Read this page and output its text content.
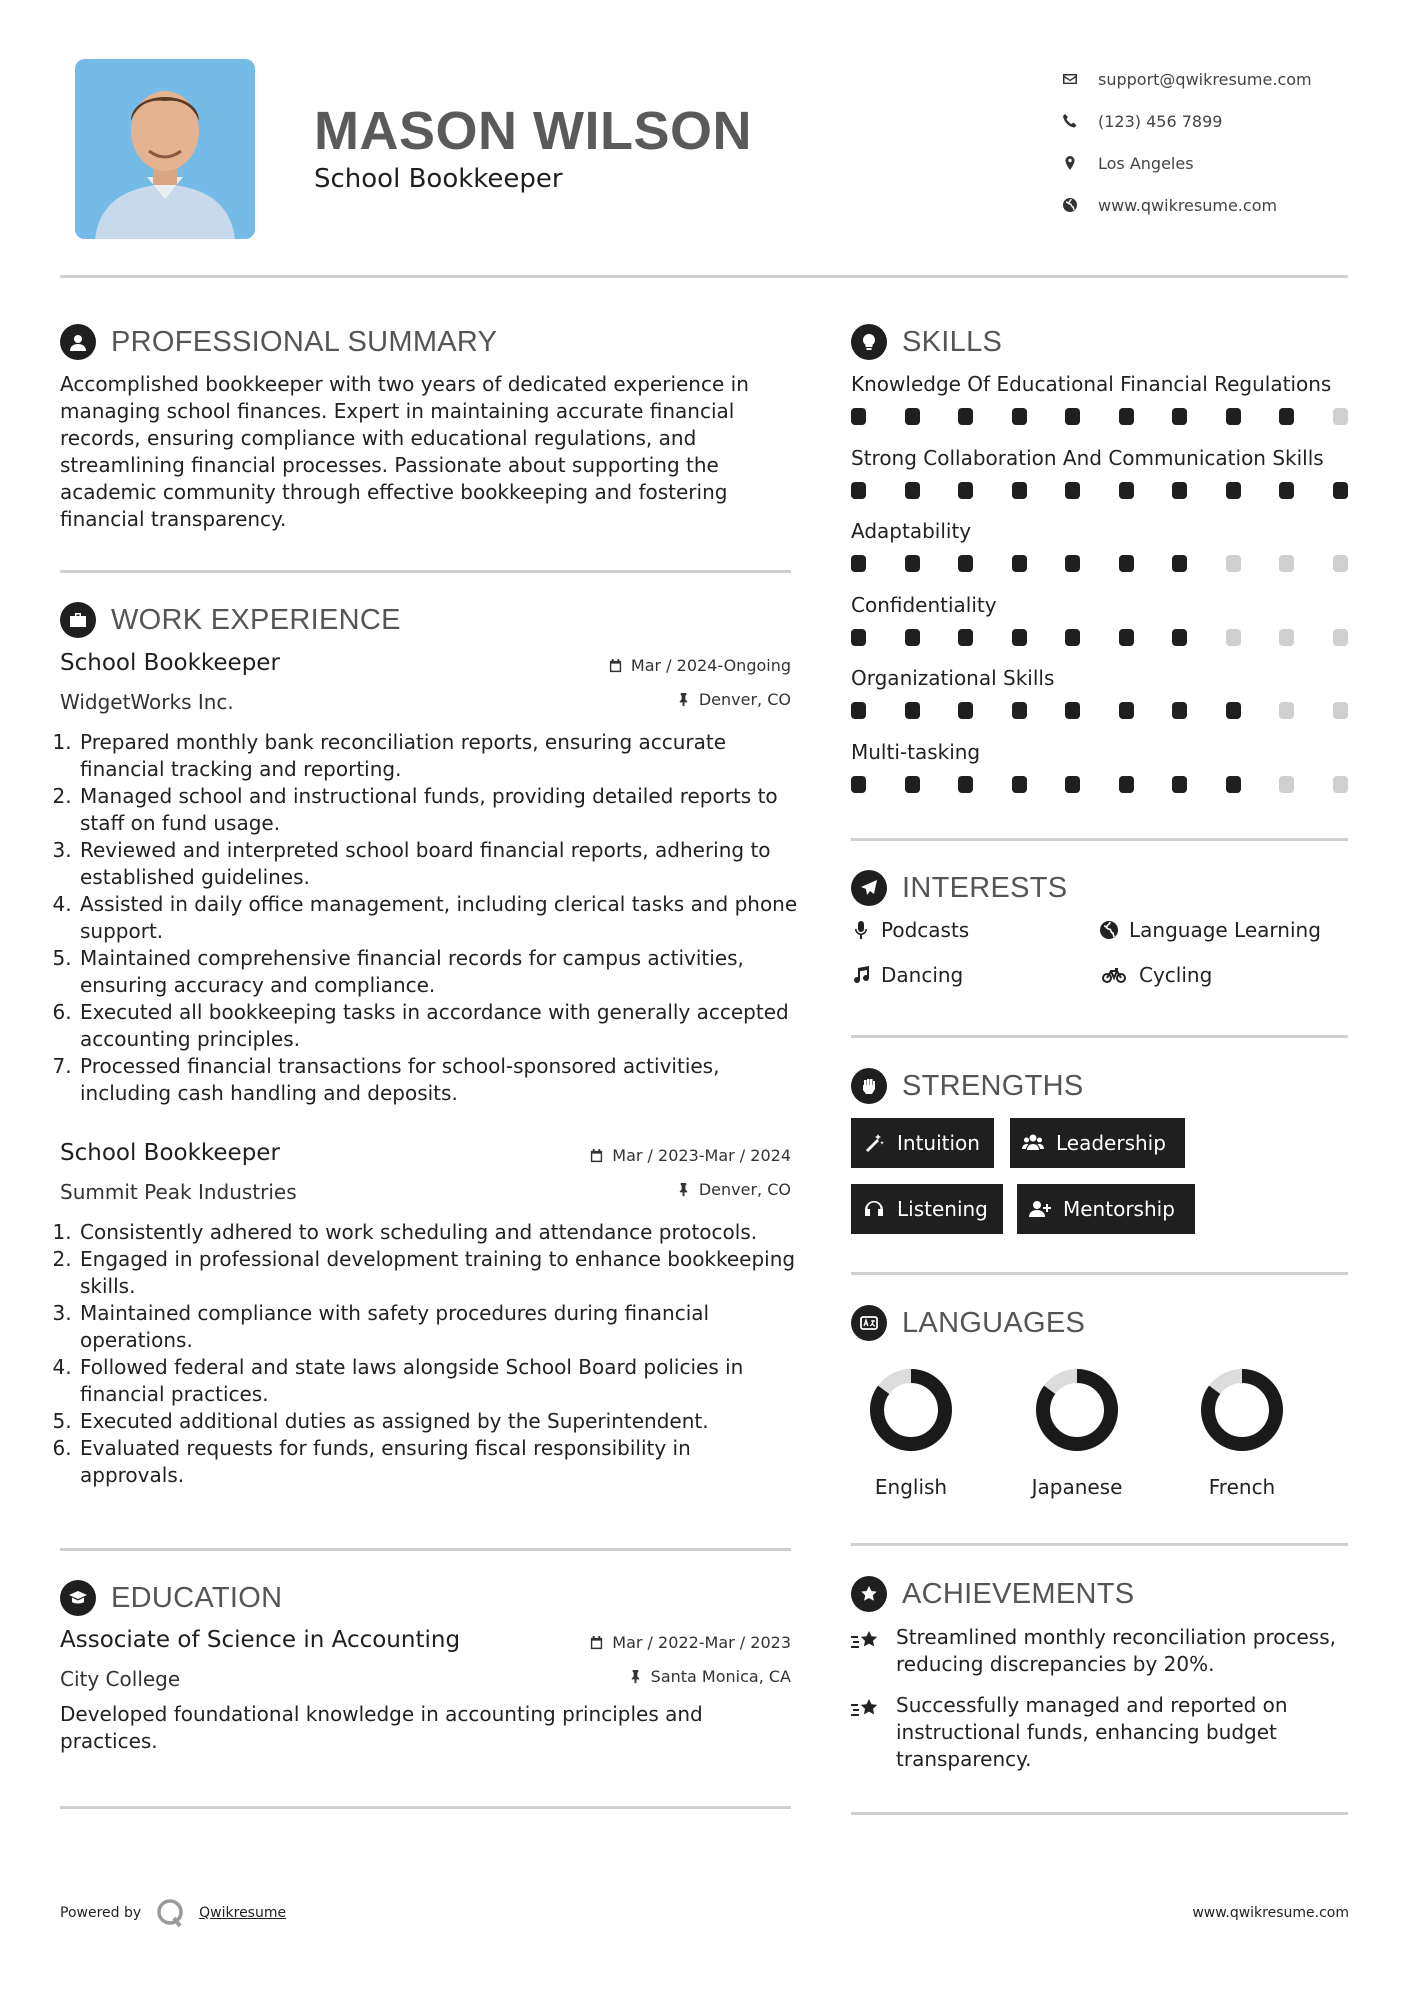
MASON WILSON
School Bookkeeper
support@qwikresume.com
(123) 456 7899
Los Angeles
www.qwikresume.com
PROFESSIONAL SUMMARY
Accomplished bookkeeper with two years of dedicated experience in managing school finances. Expert in maintaining accurate financial records, ensuring compliance with educational regulations, and streamlining financial processes. Passionate about supporting the academic community through effective bookkeeping and fostering financial transparency.
WORK EXPERIENCE
School Bookkeeper
WidgetWorks Inc.
Mar / 2024-Ongoing
Denver, CO
1. Prepared monthly bank reconciliation reports, ensuring accurate financial tracking and reporting.
2. Managed school and instructional funds, providing detailed reports to staff on fund usage.
3. Reviewed and interpreted school board financial reports, adhering to established guidelines.
4. Assisted in daily office management, including clerical tasks and phone support.
5. Maintained comprehensive financial records for campus activities, ensuring accuracy and compliance.
6. Executed all bookkeeping tasks in accordance with generally accepted accounting principles.
7. Processed financial transactions for school-sponsored activities, including cash handling and deposits.
School Bookkeeper
Summit Peak Industries
Mar / 2023-Mar / 2024
Denver, CO
1. Consistently adhered to work scheduling and attendance protocols.
2. Engaged in professional development training to enhance bookkeeping skills.
3. Maintained compliance with safety procedures during financial operations.
4. Followed federal and state laws alongside School Board policies in financial practices.
5. Executed additional duties as assigned by the Superintendent.
6. Evaluated requests for funds, ensuring fiscal responsibility in approvals.
EDUCATION
Associate of Science in Accounting
City College
Mar / 2022-Mar / 2023
Santa Monica, CA
Developed foundational knowledge in accounting principles and practices.
SKILLS
Knowledge Of Educational Financial Regulations
Strong Collaboration And Communication Skills
Adaptability
Confidentiality
Organizational Skills
Multi-tasking
INTERESTS
Podcasts	Language Learning
Dancing	Cycling
STRENGTHS
Intuition	Leadership
Listening	Mentorship
LANGUAGES
English	Japanese	French
ACHIEVEMENTS
Streamlined monthly reconciliation process, reducing discrepancies by 20%.
Successfully managed and reported on instructional funds, enhancing budget transparency.
Powered by	Qwikresume	www.qwikresume.com
